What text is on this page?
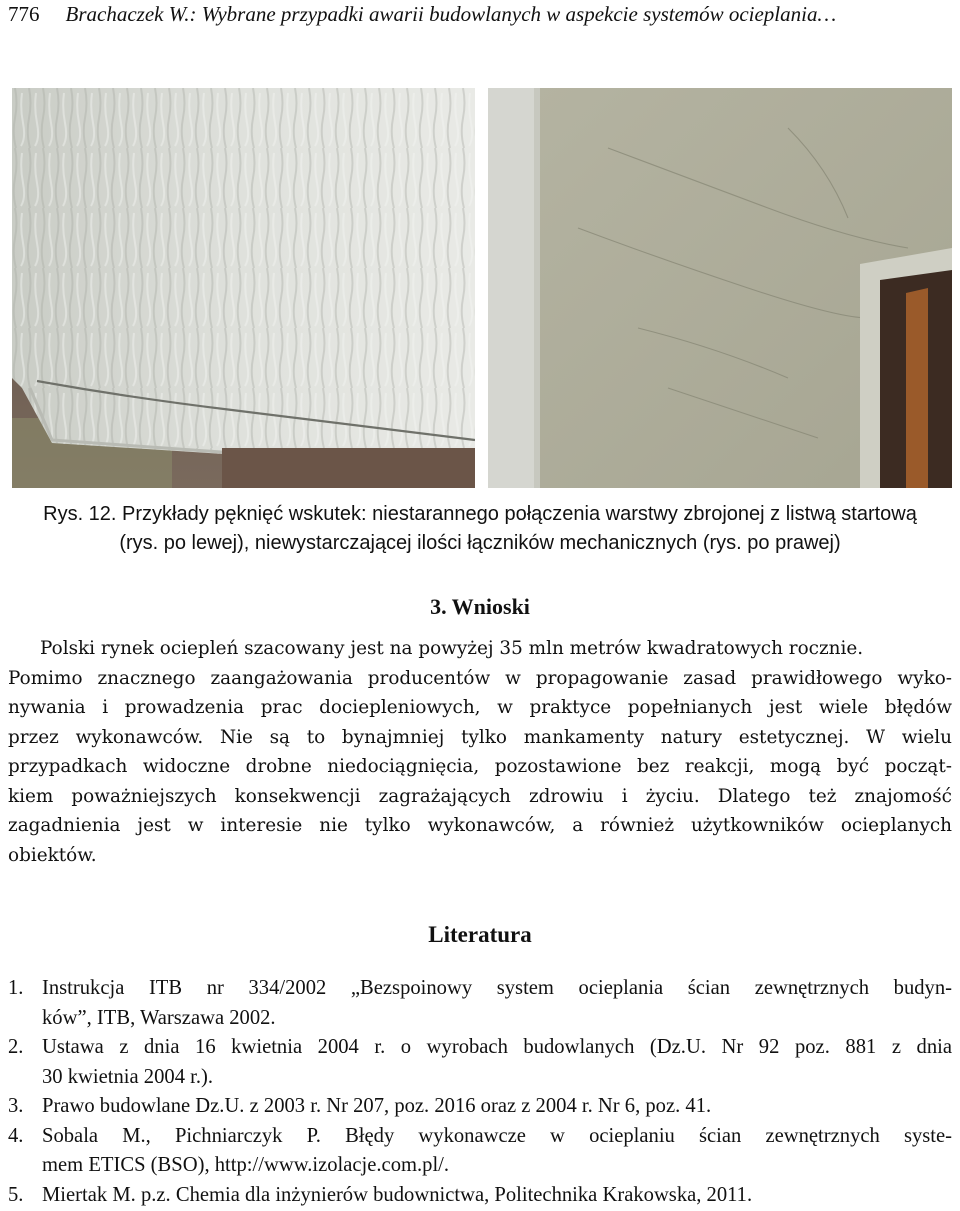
776 Brachaczek W.: Wybrane przypadki awarii budowlanych w aspekcie systemów ocieplania…
Rys. 12. Przykłady pęknięć wskutek: niestarannego połączenia warstwy zbrojonej z listwą startową
(rys. po lewej), niewystarczającej ilości łączników mechanicznych (rys. po prawej)
3. Wnioski
Polski rynek ociepleń szacowany jest na powyżej 35 mln metrów kwadratowych rocznie.
Pomimo znacznego zaangażowania producentów w propagowanie zasad prawidłowego wyko-
nywania i prowadzenia prac dociepleniowych, w praktyce popełnianych jest wiele błędów
przez wykonawców. Nie są to bynajmniej tylko mankamenty natury estetycznej. W wielu
przypadkach widoczne drobne niedociągnięcia, pozostawione bez reakcji, mogą być począt-
kiem poważniejszych konsekwencji zagrażających zdrowiu i życiu. Dlatego też znajomość
zagadnienia jest w interesie nie tylko wykonawców, a również użytkowników ocieplanych
obiektów.
Literatura
1. Instrukcja ITB nr 334/2002 „Bezspoinowy system ocieplania ścian zewnętrznych budyn-
ków”, ITB, Warszawa 2002.
2. Ustawa z dnia 16 kwietnia 2004 r. o wyrobach budowlanych (Dz.U. Nr 92 poz. 881 z dnia
30 kwietnia 2004 r.).
3. Prawo budowlane Dz.U. z 2003 r. Nr 207, poz. 2016 oraz z 2004 r. Nr 6, poz. 41.
4. Sobala M., Pichniarczyk P. Błędy wykonawcze w ocieplaniu ścian zewnętrznych syste-
mem ETICS (BSO), http://www.izolacje.com.pl/.
5. Miertak M. p.z. Chemia dla inżynierów budownictwa, Politechnika Krakowska, 2011.
